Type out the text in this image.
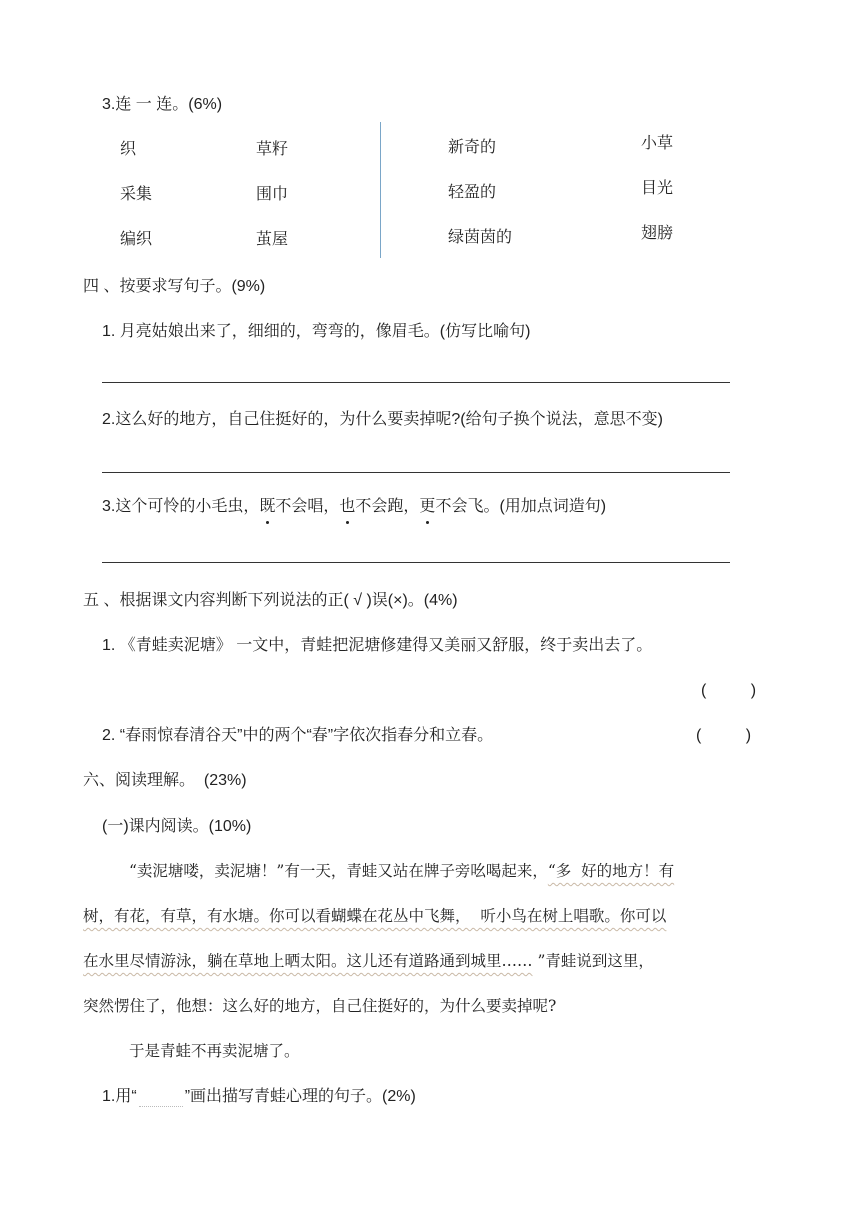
3.连 一 连。(6%)
织
采集
编织
草籽
围巾
茧屋
新奇的
轻盈的
绿茵茵的
小草
目光
翅膀
四 、按要求写句子。(9%)
1. 月亮姑娘出来了，细细的，弯弯的，像眉毛。(仿写比喻句)
2.这么好的地方，自己住挺好的，为什么要卖掉呢?(给句子换个说法，意思不变)
3.这个可怜的小毛虫，既不会唱，也不会跑，更不会飞。(用加点词造句)
五 、根据课文内容判断下列说法的正( √ )误(×)。(4%)
1. 《青蛙卖泥塘》 一文中，青蛙把泥塘修建得又美丽又舒服，终于卖出去了。
(          )
2. “春雨惊春清谷天”中的两个“春”字依次指春分和立春。	(          )
六、阅读理解。  (23%)
(一)课内阅读。(10%)
“卖泥塘喽，卖泥塘！”有一天，青蛙又站在牌子旁吆喝起来，“多  好的地方！有
树，有花，有草，有水塘。你可以看蝴蝶在花丛中飞舞，  听小鸟在树上唱歌。你可以
在水里尽情游泳，躺在草地上晒太阳。这儿还有道路通到城里…… ”青蛙说到这里，
突然愣住了，他想：这么好的地方，自己住挺好的，为什么要卖掉呢?
于是青蛙不再卖泥塘了。
1.用“	”画出描写青蛙心理的句子。(2%)
